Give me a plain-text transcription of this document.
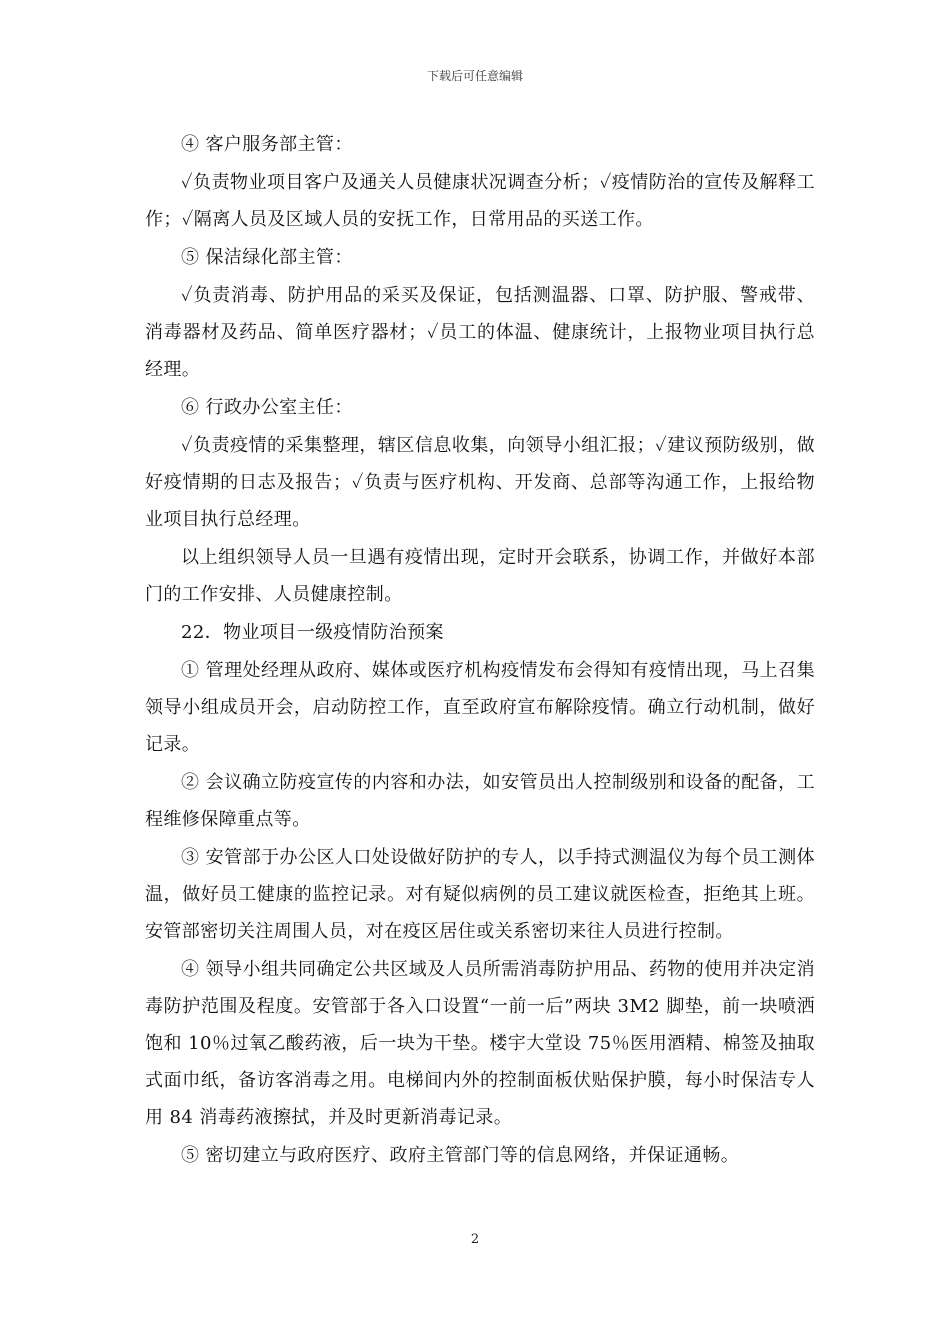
下载后可任意编辑

④ 客户服务部主管：

✓负责物业项目客户及通关人员健康状况调查分析；✓疫情防治的宣传及解释工作；✓隔离人员及区域人员的安抚工作，日常用品的买送工作。

⑤ 保洁绿化部主管：

✓负责消毒、防护用品的采买及保证，包括测温器、口罩、防护服、警戒带、消毒器材及药品、简单医疗器材；✓员工的体温、健康统计，上报物业项目执行总经理。

⑥ 行政办公室主任：

✓负责疫情的采集整理，辖区信息收集，向领导小组汇报；✓建议预防级别，做好疫情期的日志及报告；✓负责与医疗机构、开发商、总部等沟通工作，上报给物业项目执行总经理。

以上组织领导人员一旦遇有疫情出现，定时开会联系，协调工作，并做好本部门的工作安排、人员健康控制。

22．物业项目一级疫情防治预案

① 管理处经理从政府、媒体或医疗机构疫情发布会得知有疫情出现，马上召集领导小组成员开会，启动防控工作，直至政府宣布解除疫情。确立行动机制，做好记录。

② 会议确立防疫宣传的内容和办法，如安管员出人控制级别和设备的配备，工程维修保障重点等。

③ 安管部于办公区人口处设做好防护的专人，以手持式测温仪为每个员工测体温，做好员工健康的监控记录。对有疑似病例的员工建议就医检查，拒绝其上班。安管部密切关注周围人员，对在疫区居住或关系密切来往人员进行控制。

④ 领导小组共同确定公共区域及人员所需消毒防护用品、药物的使用并决定消毒防护范围及程度。安管部于各入口设置“一前一后”两块 3M2 脚垫，前一块喷洒饱和 10％过氧乙酸药液，后一块为干垫。楼宇大堂设 75％医用酒精、棉签及抽取式面巾纸，备访客消毒之用。电梯间内外的控制面板伏贴保护膜，每小时保洁专人用 84 消毒药液擦拭，并及时更新消毒记录。

⑤ 密切建立与政府医疗、政府主管部门等的信息网络，并保证通畅。

2
